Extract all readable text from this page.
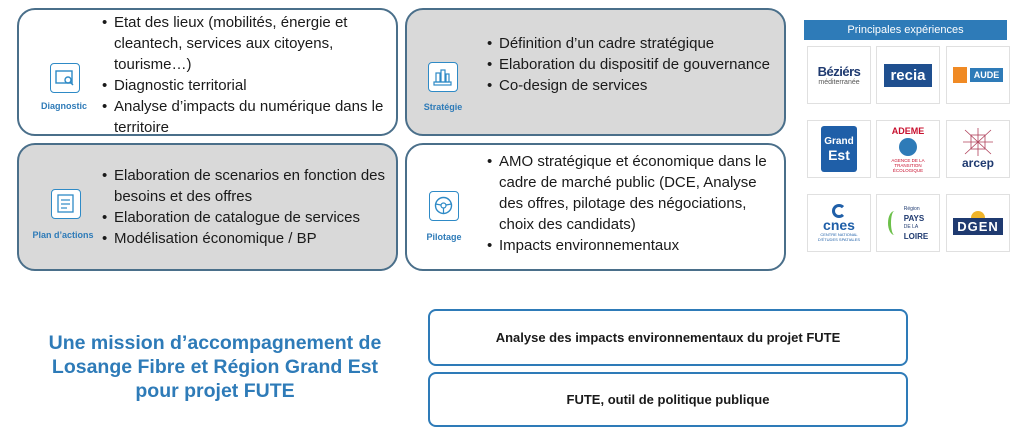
Diagnostic
• Etat des lieux (mobilités, énergie et cleantech, services aux citoyens, tourisme…)
• Diagnostic territorial
• Analyse d’impacts du numérique dans le territoire
Stratégie
• Définition d’un cadre stratégique
• Elaboration du dispositif de gouvernance
• Co-design de services
Plan d’actions
• Elaboration de scenarios en fonction des besoins et des offres
• Elaboration de catalogue de services
• Modélisation économique / BP	Pilotage
• AMO stratégique et économique dans le cadre de marché public (DCE, Analyse des offres, pilotage des négociations, choix des candidats)
• Impacts environnementaux
Principales expériences
Béziérs
méditerranée	recia	AUDE
Grand
Est
ADEME
AGENCE DE LA TRANSITION ÉCOLOGIQUE	arcep
cnes
CENTRE NATIONAL D'ÉTUDES SPATIALES
Région
PAYS
DE LA
LOIRE
DGEN
Une mission d’accompagnement de
Losange Fibre et Région Grand Est
pour projet FUTE
Analyse des impacts environnementaux du projet FUTE
FUTE, outil de politique publique
